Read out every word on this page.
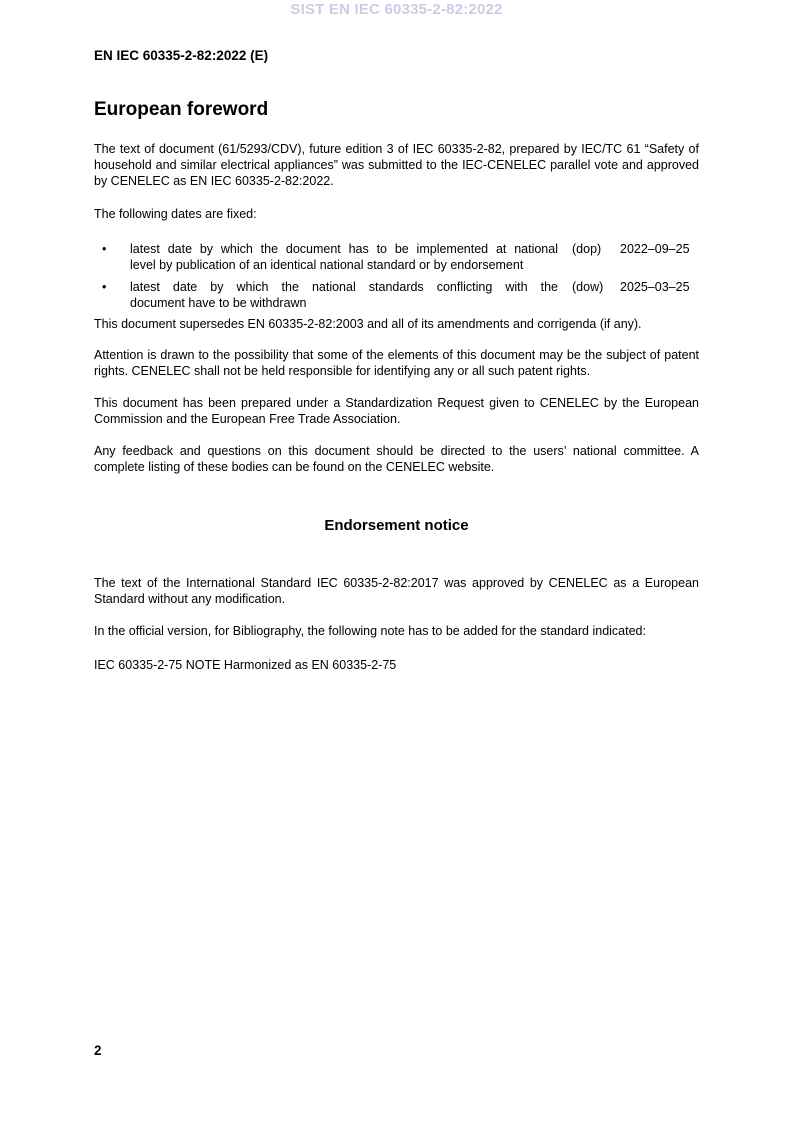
SIST EN IEC 60335-2-82:2022
EN IEC 60335-2-82:2022 (E)
European foreword

The text of document (61/5293/CDV), future edition 3 of IEC 60335-2-82, prepared by IEC/TC 61 “Safety of household and similar electrical appliances” was submitted to the IEC-CENELEC parallel vote and approved by CENELEC as EN IEC 60335-2-82:2022.

The following dates are fixed:

• latest date by which the document has to be implemented at national
level by publication of an identical national standard or by endorsement
(dop) 2022–09–25
• latest date by which the national standards conflicting with the
document have to be withdrawn
(dow) 2025–03–25

This document supersedes EN 60335-2-82:2003 and all of its amendments and corrigenda (if any).

Attention is drawn to the possibility that some of the elements of this document may be the subject of patent rights. CENELEC shall not be held responsible for identifying any or all such patent rights.

This document has been prepared under a Standardization Request given to CENELEC by the European Commission and the European Free Trade Association.

Any feedback and questions on this document should be directed to the users’ national committee. A complete listing of these bodies can be found on the CENELEC website.

Endorsement notice

The text of the International Standard IEC 60335-2-82:2017 was approved by CENELEC as a European Standard without any modification.

In the official version, for Bibliography, the following note has to be added for the standard indicated:

IEC 60335-2-75 NOTE Harmonized as EN 60335-2-75

2
